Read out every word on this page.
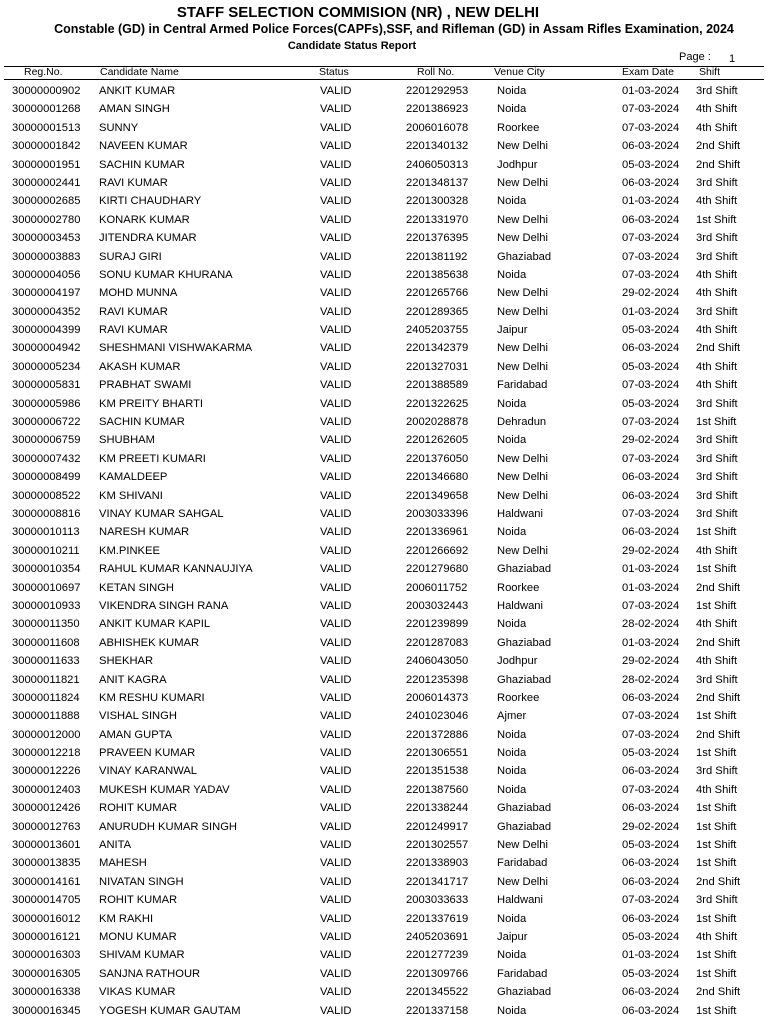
STAFF SELECTION COMMISION (NR) , NEW DELHI
Constable (GD) in Central Armed Police Forces(CAPFs),SSF, and Rifleman (GD) in Assam Rifles Examination, 2024
Candidate Status Report
Page : 1
Reg.No.	Candidate Name	Status	Roll No.	Venue City	Exam Date Shift
30000000902 ANKIT KUMAR	VALID	2201292953	Noida	01-03-2024 3rd Shift
30000001268 AMAN SINGH	VALID	2201386923	Noida	07-03-2024 4th Shift
30000001513 SUNNY	VALID	2006016078	Roorkee	07-03-2024 4th Shift
30000001842 NAVEEN KUMAR	VALID	2201340132	New Delhi	06-03-2024 2nd Shift
30000001951 SACHIN KUMAR	VALID	2406050313	Jodhpur	05-03-2024 2nd Shift
30000002441 RAVI KUMAR	VALID	2201348137	New Delhi	06-03-2024 3rd Shift
30000002685 KIRTI CHAUDHARY	VALID	2201300328	Noida	01-03-2024 4th Shift
30000002780 KONARK KUMAR	VALID	2201331970	New Delhi	06-03-2024 1st Shift
30000003453 JITENDRA KUMAR	VALID	2201376395	New Delhi	07-03-2024 3rd Shift
30000003883 SURAJ GIRI	VALID	2201381192	Ghaziabad	07-03-2024 3rd Shift
30000004056 SONU KUMAR KHURANA	VALID	2201385638	Noida	07-03-2024 4th Shift
30000004197 MOHD MUNNA	VALID	2201265766	New Delhi	29-02-2024 4th Shift
30000004352 RAVI KUMAR	VALID	2201289365	New Delhi	01-03-2024 3rd Shift
30000004399 RAVI KUMAR	VALID	2405203755	Jaipur	05-03-2024 4th Shift
30000004942 SHESHMANI VISHWAKARMA	VALID	2201342379	New Delhi	06-03-2024 2nd Shift
30000005234 AKASH KUMAR	VALID	2201327031	New Delhi	05-03-2024 4th Shift
30000005831 PRABHAT SWAMI	VALID	2201388589	Faridabad	07-03-2024 4th Shift
30000005986 KM PREITY BHARTI	VALID	2201322625	Noida	05-03-2024 3rd Shift
30000006722 SACHIN KUMAR	VALID	2002028878	Dehradun	07-03-2024 1st Shift
30000006759 SHUBHAM	VALID	2201262605	Noida	29-02-2024 3rd Shift
30000007432 KM PREETI KUMARI	VALID	2201376050	New Delhi	07-03-2024 3rd Shift
30000008499 KAMALDEEP	VALID	2201346680	New Delhi	06-03-2024 3rd Shift
30000008522 KM SHIVANI	VALID	2201349658	New Delhi	06-03-2024 3rd Shift
30000008816 VINAY KUMAR SAHGAL	VALID	2003033396	Haldwani	07-03-2024 3rd Shift
30000010113 NARESH KUMAR	VALID	2201336961	Noida	06-03-2024 1st Shift
30000010211 KM.PINKEE	VALID	2201266692	New Delhi	29-02-2024 4th Shift
30000010354 RAHUL KUMAR KANNAUJIYA	VALID	2201279680	Ghaziabad	01-03-2024 1st Shift
30000010697 KETAN SINGH	VALID	2006011752	Roorkee	01-03-2024 2nd Shift
30000010933 VIKENDRA SINGH RANA	VALID	2003032443	Haldwani	07-03-2024 1st Shift
30000011350 ANKIT KUMAR KAPIL	VALID	2201239899	Noida	28-02-2024 4th Shift
30000011608 ABHISHEK KUMAR	VALID	2201287083	Ghaziabad	01-03-2024 2nd Shift
30000011633 SHEKHAR	VALID	2406043050	Jodhpur	29-02-2024 4th Shift
30000011821 ANIT KAGRA	VALID	2201235398	Ghaziabad	28-02-2024 3rd Shift
30000011824 KM RESHU KUMARI	VALID	2006014373	Roorkee	06-03-2024 2nd Shift
30000011888 VISHAL SINGH	VALID	2401023046	Ajmer	07-03-2024 1st Shift
30000012000 AMAN GUPTA	VALID	2201372886	Noida	07-03-2024 2nd Shift
30000012218 PRAVEEN KUMAR	VALID	2201306551	Noida	05-03-2024 1st Shift
30000012226 VINAY KARANWAL	VALID	2201351538	Noida	06-03-2024 3rd Shift
30000012403 MUKESH KUMAR YADAV	VALID	2201387560	Noida	07-03-2024 4th Shift
30000012426 ROHIT KUMAR	VALID	2201338244	Ghaziabad	06-03-2024 1st Shift
30000012763 ANURUDH KUMAR SINGH	VALID	2201249917	Ghaziabad	29-02-2024 1st Shift
30000013601 ANITA	VALID	2201302557	New Delhi	05-03-2024 1st Shift
30000013835 MAHESH	VALID	2201338903	Faridabad	06-03-2024 1st Shift
30000014161 NIVATAN SINGH	VALID	2201341717	New Delhi	06-03-2024 2nd Shift
30000014705 ROHIT KUMAR	VALID	2003033633	Haldwani	07-03-2024 3rd Shift
30000016012 KM RAKHI	VALID	2201337619	Noida	06-03-2024 1st Shift
30000016121 MONU KUMAR	VALID	2405203691	Jaipur	05-03-2024 4th Shift
30000016303 SHIVAM KUMAR	VALID	2201277239	Noida	01-03-2024 1st Shift
30000016305 SANJNA RATHOUR	VALID	2201309766	Faridabad	05-03-2024 1st Shift
30000016338 VIKAS KUMAR	VALID	2201345522	Ghaziabad	06-03-2024 2nd Shift
30000016345 YOGESH KUMAR GAUTAM	VALID	2201337158	Noida	06-03-2024 1st Shift
